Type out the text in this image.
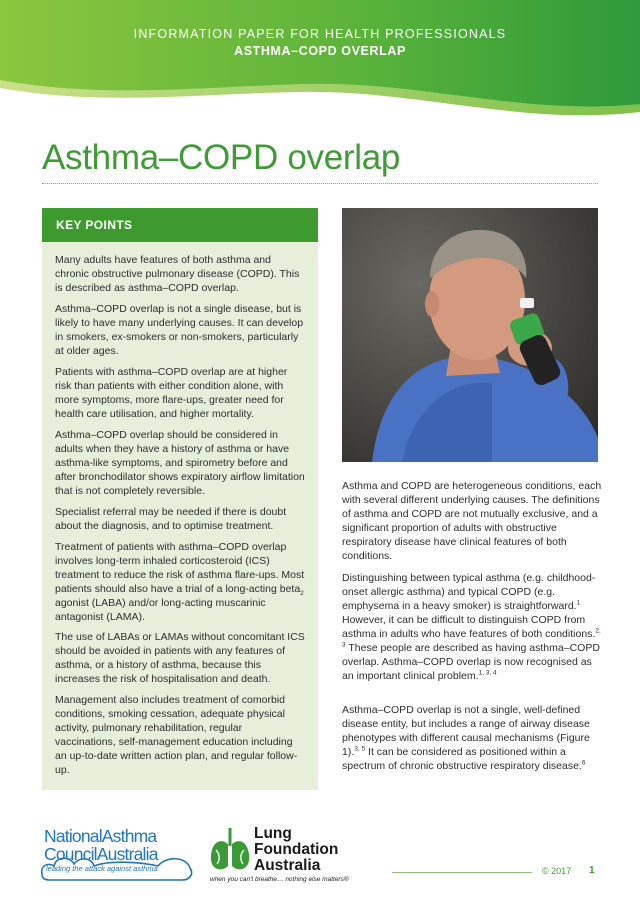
INFORMATION PAPER FOR HEALTH PROFESSIONALS
ASTHMA–COPD OVERLAP
Asthma–COPD overlap
KEY POINTS

Many adults have features of both asthma and chronic obstructive pulmonary disease (COPD). This is described as asthma–COPD overlap.

Asthma–COPD overlap is not a single disease, but is likely to have many underlying causes. It can develop in smokers, ex-smokers or non-smokers, particularly at older ages.

Patients with asthma–COPD overlap are at higher risk than patients with either condition alone, with more symptoms, more flare-ups, greater need for health care utilisation, and higher mortality.

Asthma–COPD overlap should be considered in adults when they have a history of asthma or have asthma-like symptoms, and spirometry before and after bronchodilator shows expiratory airflow limitation that is not completely reversible.

Specialist referral may be needed if there is doubt about the diagnosis, and to optimise treatment.

Treatment of patients with asthma–COPD overlap involves long-term inhaled corticosteroid (ICS) treatment to reduce the risk of asthma flare-ups. Most patients should also have a trial of a long-acting beta$_2$ agonist (LABA) and/or long-acting muscarinic antagonist (LAMA).

The use of LABAs or LAMAs without concomitant ICS should be avoided in patients with any features of asthma, or a history of asthma, because this increases the risk of hospitalisation and death.

Management also includes treatment of comorbid conditions, smoking cessation, adequate physical activity, pulmonary rehabilitation, regular vaccinations, self-management education including an up-to-date written action plan, and regular follow-up.

Asthma and COPD are heterogeneous conditions, each with several different underlying causes. The definitions of asthma and COPD are not mutually exclusive, and a significant proportion of adults with obstructive respiratory disease have clinical features of both conditions.

Distinguishing between typical asthma (e.g. childhood-onset allergic asthma) and typical COPD (e.g. emphysema in a heavy smoker) is straightforward.$^1$ However, it can be difficult to distinguish COPD from asthma in adults who have features of both conditions.$^{2, 3}$ These people are described as having asthma–COPD overlap. Asthma–COPD overlap is now recognised as an important clinical problem.$^{1, 3, 4}$

Asthma–COPD overlap is not a single, well-defined disease entity, but includes a range of airway disease phenotypes with different causal mechanisms (Figure 1).$^{3, 5}$ It can be considered as positioned within a spectrum of chronic obstructive respiratory disease.$^6$

NationalAsthma
CouncilAustralia
leading the attack against asthma
Lung
Foundation
Australia
when you can't breathe… nothing else matters®
© 2017 1
